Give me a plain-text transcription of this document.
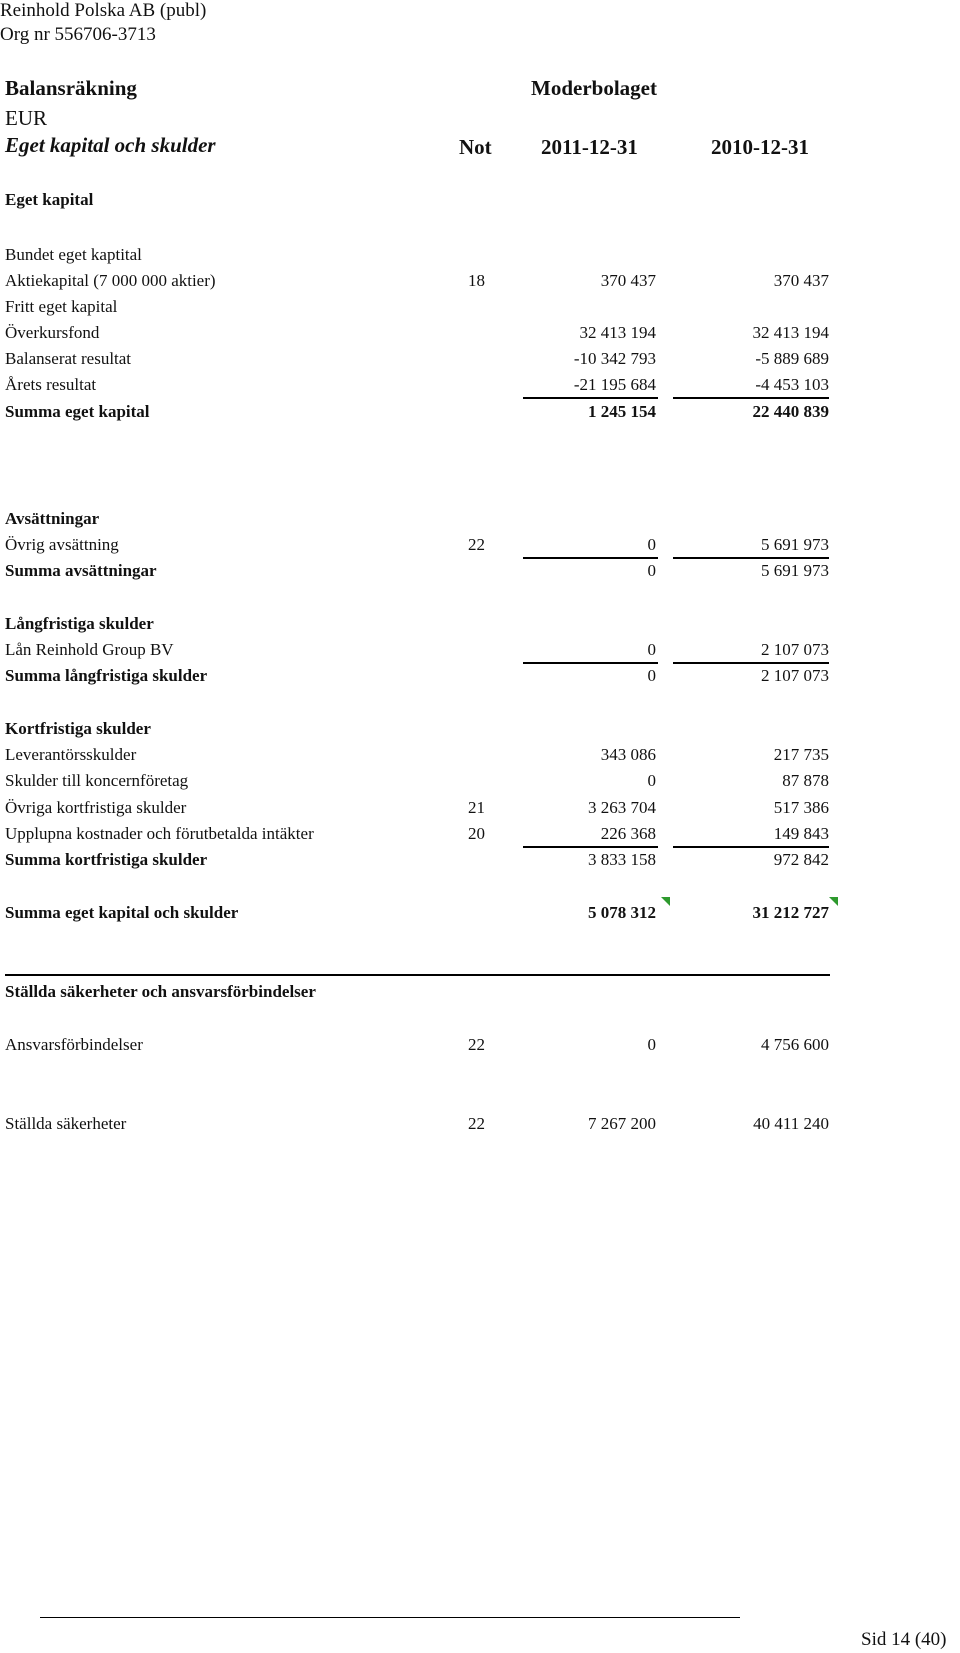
Reinhold Polska AB (publ)
Org nr 556706-3713
Balansräkning	Moderbolaget
EUR
Eget kapital och skulder	Not 2011-12-31	2010-12-31
Eget kapital
Bundet eget kaptital
Aktiekapital (7 000 000 aktier)	18	370 437	370 437
Fritt eget kapital
Överkursfond	32 413 194	32 413 194
Balanserat resultat	-10 342 793	-5 889 689
Årets resultat	-21 195 684	-4 453 103
Summa eget kapital	1 245 154	22 440 839
Avsättningar
Övrig avsättning	22	0	5 691 973
Summa avsättningar	0	5 691 973
Långfristiga skulder
Lån Reinhold Group BV	0	2 107 073
Summa långfristiga skulder	0	2 107 073
Kortfristiga skulder
Leverantörsskulder	343 086	217 735
Skulder till koncernföretag	0	87 878
Övriga kortfristiga skulder	21	3 263 704	517 386
Upplupna kostnader och förutbetalda intäkter	20	226 368	149 843
Summa kortfristiga skulder	3 833 158	972 842
Summa eget kapital och skulder	5 078 312	31 212 727
Ställda säkerheter och ansvarsförbindelser
Ansvarsförbindelser	22	0	4 756 600
Ställda säkerheter	22	7 267 200	40 411 240
Sid 14 (40)
